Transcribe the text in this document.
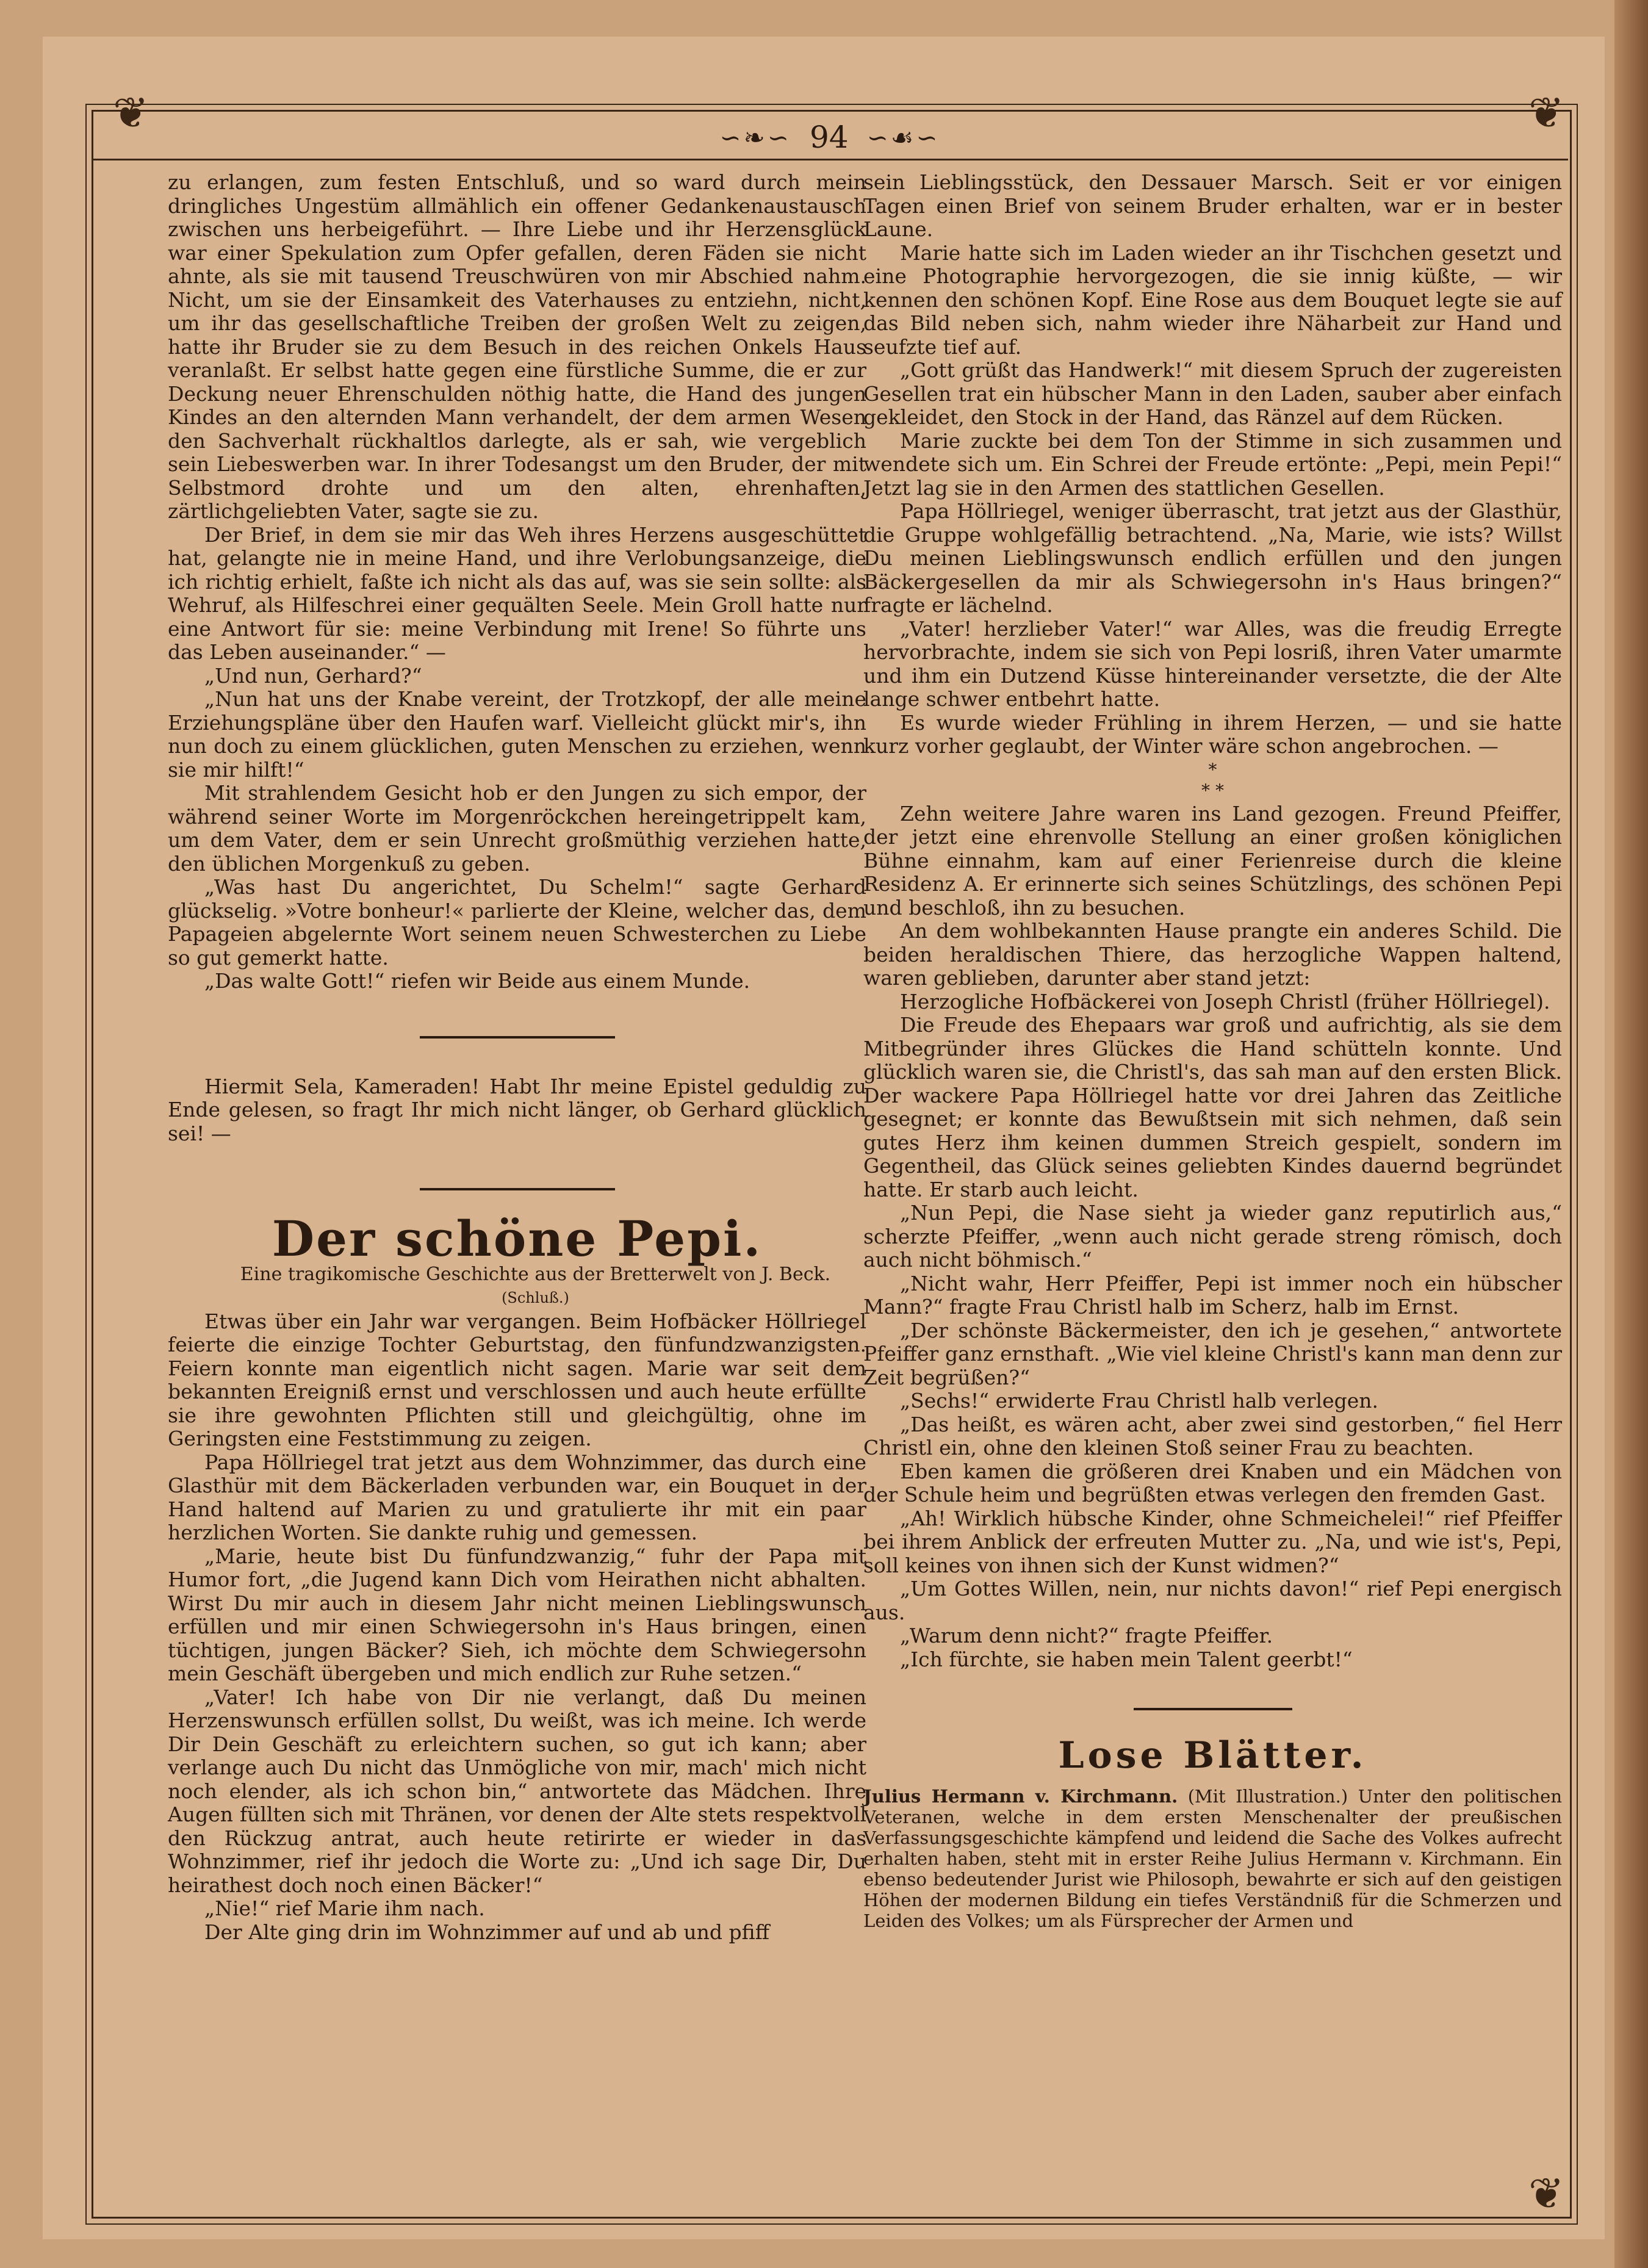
❦	❦
❦
∽❧∽ 94 ∽☙∽

zu erlangen, zum festen Entschluß, und so ward durch mein dringliches Ungestüm allmählich ein offener Gedankenaustausch zwischen uns herbeigeführt. — Ihre Liebe und ihr Herzensglück war einer Spekulation zum Opfer gefallen, deren Fäden sie nicht ahnte, als sie mit tausend Treuschwüren von mir Abschied nahm. Nicht, um sie der Einsamkeit des Vaterhauses zu entziehn, nicht, um ihr das gesellschaftliche Treiben der großen Welt zu zeigen, hatte ihr Bruder sie zu dem Besuch in des reichen Onkels Haus veranlaßt. Er selbst hatte gegen eine fürstliche Summe, die er zur Deckung neuer Ehrenschulden nöthig hatte, die Hand des jungen Kindes an den alternden Mann verhandelt, der dem armen Wesen den Sachverhalt rückhaltlos darlegte, als er sah, wie vergeblich sein Liebeswerben war. In ihrer Todesangst um den Bruder, der mit Selbstmord drohte und um den alten, ehrenhaften, zärtlichgeliebten Vater, sagte sie zu.

Der Brief, in dem sie mir das Weh ihres Herzens ausgeschüttet hat, gelangte nie in meine Hand, und ihre Verlobungsanzeige, die ich richtig erhielt, faßte ich nicht als das auf, was sie sein sollte: als Wehruf, als Hilfeschrei einer gequälten Seele. Mein Groll hatte nur eine Antwort für sie: meine Verbindung mit Irene! So führte uns das Leben auseinander.“ —

„Und nun, Gerhard?“

„Nun hat uns der Knabe vereint, der Trotzkopf, der alle meine Erziehungspläne über den Haufen warf. Vielleicht glückt mir's, ihn nun doch zu einem glücklichen, guten Menschen zu erziehen, wenn sie mir hilft!“

Mit strahlendem Gesicht hob er den Jungen zu sich empor, der während seiner Worte im Morgenröckchen hereingetrippelt kam, um dem Vater, dem er sein Unrecht großmüthig verziehen hatte, den üblichen Morgenkuß zu geben.

„Was hast Du angerichtet, Du Schelm!“ sagte Gerhard glückselig. »Votre bonheur!« parlierte der Kleine, welcher das, dem Papageien abgelernte Wort seinem neuen Schwesterchen zu Liebe so gut gemerkt hatte.

„Das walte Gott!“ riefen wir Beide aus einem Munde.

Hiermit Sela, Kameraden! Habt Ihr meine Epistel geduldig zu Ende gelesen, so fragt Ihr mich nicht länger, ob Gerhard glücklich sei! —

Der schöne Pepi.

Eine tragikomische Geschichte aus der Bretterwelt von J. Beck.

(Schluß.)

Etwas über ein Jahr war vergangen. Beim Hofbäcker Höllriegel feierte die einzige Tochter Geburtstag, den fünfundzwanzigsten. Feiern konnte man eigentlich nicht sagen. Marie war seit dem bekannten Ereigniß ernst und verschlossen und auch heute erfüllte sie ihre gewohnten Pflichten still und gleichgültig, ohne im Geringsten eine Feststimmung zu zeigen.

Papa Höllriegel trat jetzt aus dem Wohnzimmer, das durch eine Glasthür mit dem Bäckerladen verbunden war, ein Bouquet in der Hand haltend auf Marien zu und gratulierte ihr mit ein paar herzlichen Worten. Sie dankte ruhig und gemessen.

„Marie, heute bist Du fünfundzwanzig,“ fuhr der Papa mit Humor fort, „die Jugend kann Dich vom Heirathen nicht abhalten. Wirst Du mir auch in diesem Jahr nicht meinen Lieblingswunsch erfüllen und mir einen Schwiegersohn in's Haus bringen, einen tüchtigen, jungen Bäcker? Sieh, ich möchte dem Schwiegersohn mein Geschäft übergeben und mich endlich zur Ruhe setzen.“

„Vater! Ich habe von Dir nie verlangt, daß Du meinen Herzenswunsch erfüllen sollst, Du weißt, was ich meine. Ich werde Dir Dein Geschäft zu erleichtern suchen, so gut ich kann; aber verlange auch Du nicht das Unmögliche von mir, mach' mich nicht noch elender, als ich schon bin,“ antwortete das Mädchen. Ihre Augen füllten sich mit Thränen, vor denen der Alte stets respektvoll den Rückzug antrat, auch heute retirirte er wieder in das Wohnzimmer, rief ihr jedoch die Worte zu: „Und ich sage Dir, Du heirathest doch noch einen Bäcker!“

„Nie!“ rief Marie ihm nach.

Der Alte ging drin im Wohnzimmer auf und ab und pfiff

sein Lieblingsstück, den Dessauer Marsch. Seit er vor einigen Tagen einen Brief von seinem Bruder erhalten, war er in bester Laune.

Marie hatte sich im Laden wieder an ihr Tischchen gesetzt und eine Photographie hervorgezogen, die sie innig küßte, — wir kennen den schönen Kopf. Eine Rose aus dem Bouquet legte sie auf das Bild neben sich, nahm wieder ihre Näharbeit zur Hand und seufzte tief auf.

„Gott grüßt das Handwerk!“ mit diesem Spruch der zugereisten Gesellen trat ein hübscher Mann in den Laden, sauber aber einfach gekleidet, den Stock in der Hand, das Ränzel auf dem Rücken.

Marie zuckte bei dem Ton der Stimme in sich zusammen und wendete sich um. Ein Schrei der Freude ertönte: „Pepi, mein Pepi!“ Jetzt lag sie in den Armen des stattlichen Gesellen.

Papa Höllriegel, weniger überrascht, trat jetzt aus der Glasthür, die Gruppe wohlgefällig betrachtend. „Na, Marie, wie ists? Willst Du meinen Lieblingswunsch endlich erfüllen und den jungen Bäckergesellen da mir als Schwiegersohn in's Haus bringen?“ fragte er lächelnd.

„Vater! herzlieber Vater!“ war Alles, was die freudig Erregte hervorbrachte, indem sie sich von Pepi losriß, ihren Vater umarmte und ihm ein Dutzend Küsse hintereinander versetzte, die der Alte lange schwer entbehrt hatte.

Es wurde wieder Frühling in ihrem Herzen, — und sie hatte kurz vorher geglaubt, der Winter wäre schon angebrochen. —

*
* *

Zehn weitere Jahre waren ins Land gezogen. Freund Pfeiffer, der jetzt eine ehrenvolle Stellung an einer großen königlichen Bühne einnahm, kam auf einer Ferienreise durch die kleine Residenz A. Er erinnerte sich seines Schützlings, des schönen Pepi und beschloß, ihn zu besuchen.

An dem wohlbekannten Hause prangte ein anderes Schild. Die beiden heraldischen Thiere, das herzogliche Wappen haltend, waren geblieben, darunter aber stand jetzt:

Herzogliche Hofbäckerei von Joseph Christl (früher Höllriegel).

Die Freude des Ehepaars war groß und aufrichtig, als sie dem Mitbegründer ihres Glückes die Hand schütteln konnte. Und glücklich waren sie, die Christl's, das sah man auf den ersten Blick. Der wackere Papa Höllriegel hatte vor drei Jahren das Zeitliche gesegnet; er konnte das Bewußtsein mit sich nehmen, daß sein gutes Herz ihm keinen dummen Streich gespielt, sondern im Gegentheil, das Glück seines geliebten Kindes dauernd begründet hatte. Er starb auch leicht.

„Nun Pepi, die Nase sieht ja wieder ganz reputirlich aus,“ scherzte Pfeiffer, „wenn auch nicht gerade streng römisch, doch auch nicht böhmisch.“

„Nicht wahr, Herr Pfeiffer, Pepi ist immer noch ein hübscher Mann?“ fragte Frau Christl halb im Scherz, halb im Ernst.

„Der schönste Bäckermeister, den ich je gesehen,“ antwortete Pfeiffer ganz ernsthaft. „Wie viel kleine Christl's kann man denn zur Zeit begrüßen?“

„Sechs!“ erwiderte Frau Christl halb verlegen.

„Das heißt, es wären acht, aber zwei sind gestorben,“ fiel Herr Christl ein, ohne den kleinen Stoß seiner Frau zu beachten.

Eben kamen die größeren drei Knaben und ein Mädchen von der Schule heim und begrüßten etwas verlegen den fremden Gast.

„Ah! Wirklich hübsche Kinder, ohne Schmeichelei!“ rief Pfeiffer bei ihrem Anblick der erfreuten Mutter zu. „Na, und wie ist's, Pepi, soll keines von ihnen sich der Kunst widmen?“

„Um Gottes Willen, nein, nur nichts davon!“ rief Pepi energisch aus.

„Warum denn nicht?“ fragte Pfeiffer.

„Ich fürchte, sie haben mein Talent geerbt!“

Lose Blätter.

Julius Hermann v. Kirchmann. (Mit Illustration.) Unter den politischen Veteranen, welche in dem ersten Menschenalter der preußischen Verfassungsgeschichte kämpfend und leidend die Sache des Volkes aufrecht erhalten haben, steht mit in erster Reihe Julius Hermann v. Kirchmann. Ein ebenso bedeutender Jurist wie Philosoph, bewahrte er sich auf den geistigen Höhen der modernen Bildung ein tiefes Verständniß für die Schmerzen und Leiden des Volkes; um als Fürsprecher der Armen und
